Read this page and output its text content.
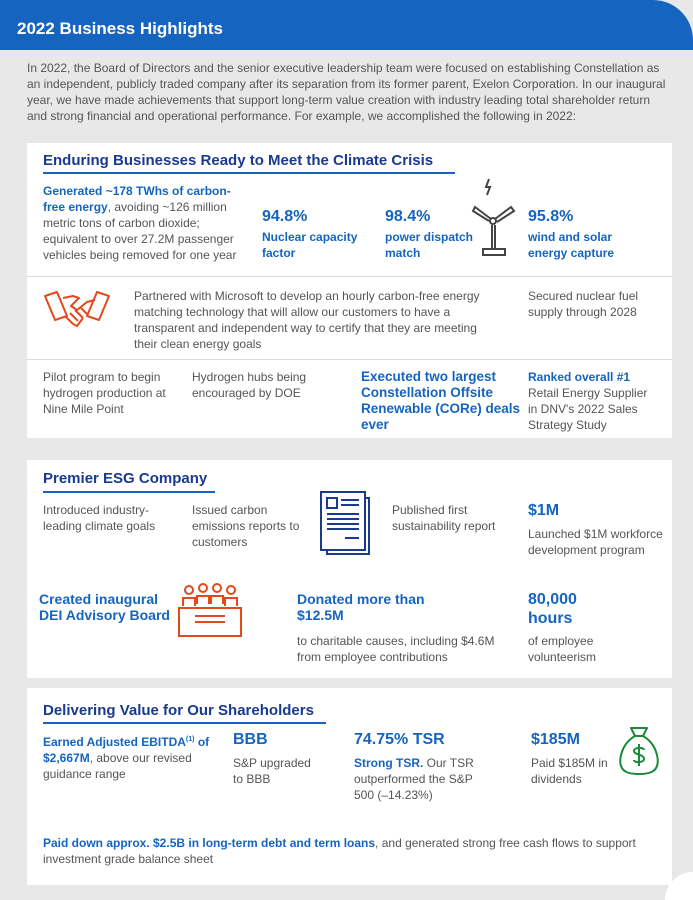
2022 Business Highlights

In 2022, the Board of Directors and the senior executive leadership team were focused on establishing Constellation as an independent, publicly traded company after its separation from its former parent, Exelon Corporation. In our inaugural year, we have made achievements that support long-term value creation with industry leading total shareholder return and strong financial and operational performance. For example, we accomplished the following in 2022:

Enduring Businesses Ready to Meet the Climate Crisis
Generated ~178 TWhs of carbon-free energy, avoiding ~126 million metric tons of carbon dioxide; equivalent to over 27.2M passenger vehicles being removed for one year
94.8%
Nuclear capacity factor
98.4%
power dispatch match
95.8%
wind and solar energy capture
Partnered with Microsoft to develop an hourly carbon-free energy matching technology that will allow our customers to have a transparent and independent way to certify that they are meeting their clean energy goals
Secured nuclear fuel supply through 2028
Pilot program to begin hydrogen production at Nine Mile Point
Hydrogen hubs being encouraged by DOE
Executed two largest Constellation Offsite Renewable (CORe) deals ever
Ranked overall #1
Retail Energy Supplier in DNV's 2022 Sales Strategy Study
Premier ESG Company
Introduced industry-leading climate goals
Issued carbon emissions reports to customers
Published first sustainability report
$1M
Launched $1M workforce development program
Created inaugural DEI Advisory Board
Donated more than $12.5M
to charitable causes, including $4.6M from employee contributions
80,000
hours
of employee volunteerism
Delivering Value for Our Shareholders
Earned Adjusted EBITDA$^{(1)}$ of $2,667M, above our revised guidance range
BBB
S&P upgraded to BBB
74.75% TSR
Strong TSR. Our TSR outperformed the S&P 500 (–14.23%)
$185M
Paid $185M in dividends
Paid down approx. $2.5B in long-term debt and term loans, and generated strong free cash flows to support investment grade balance sheet
